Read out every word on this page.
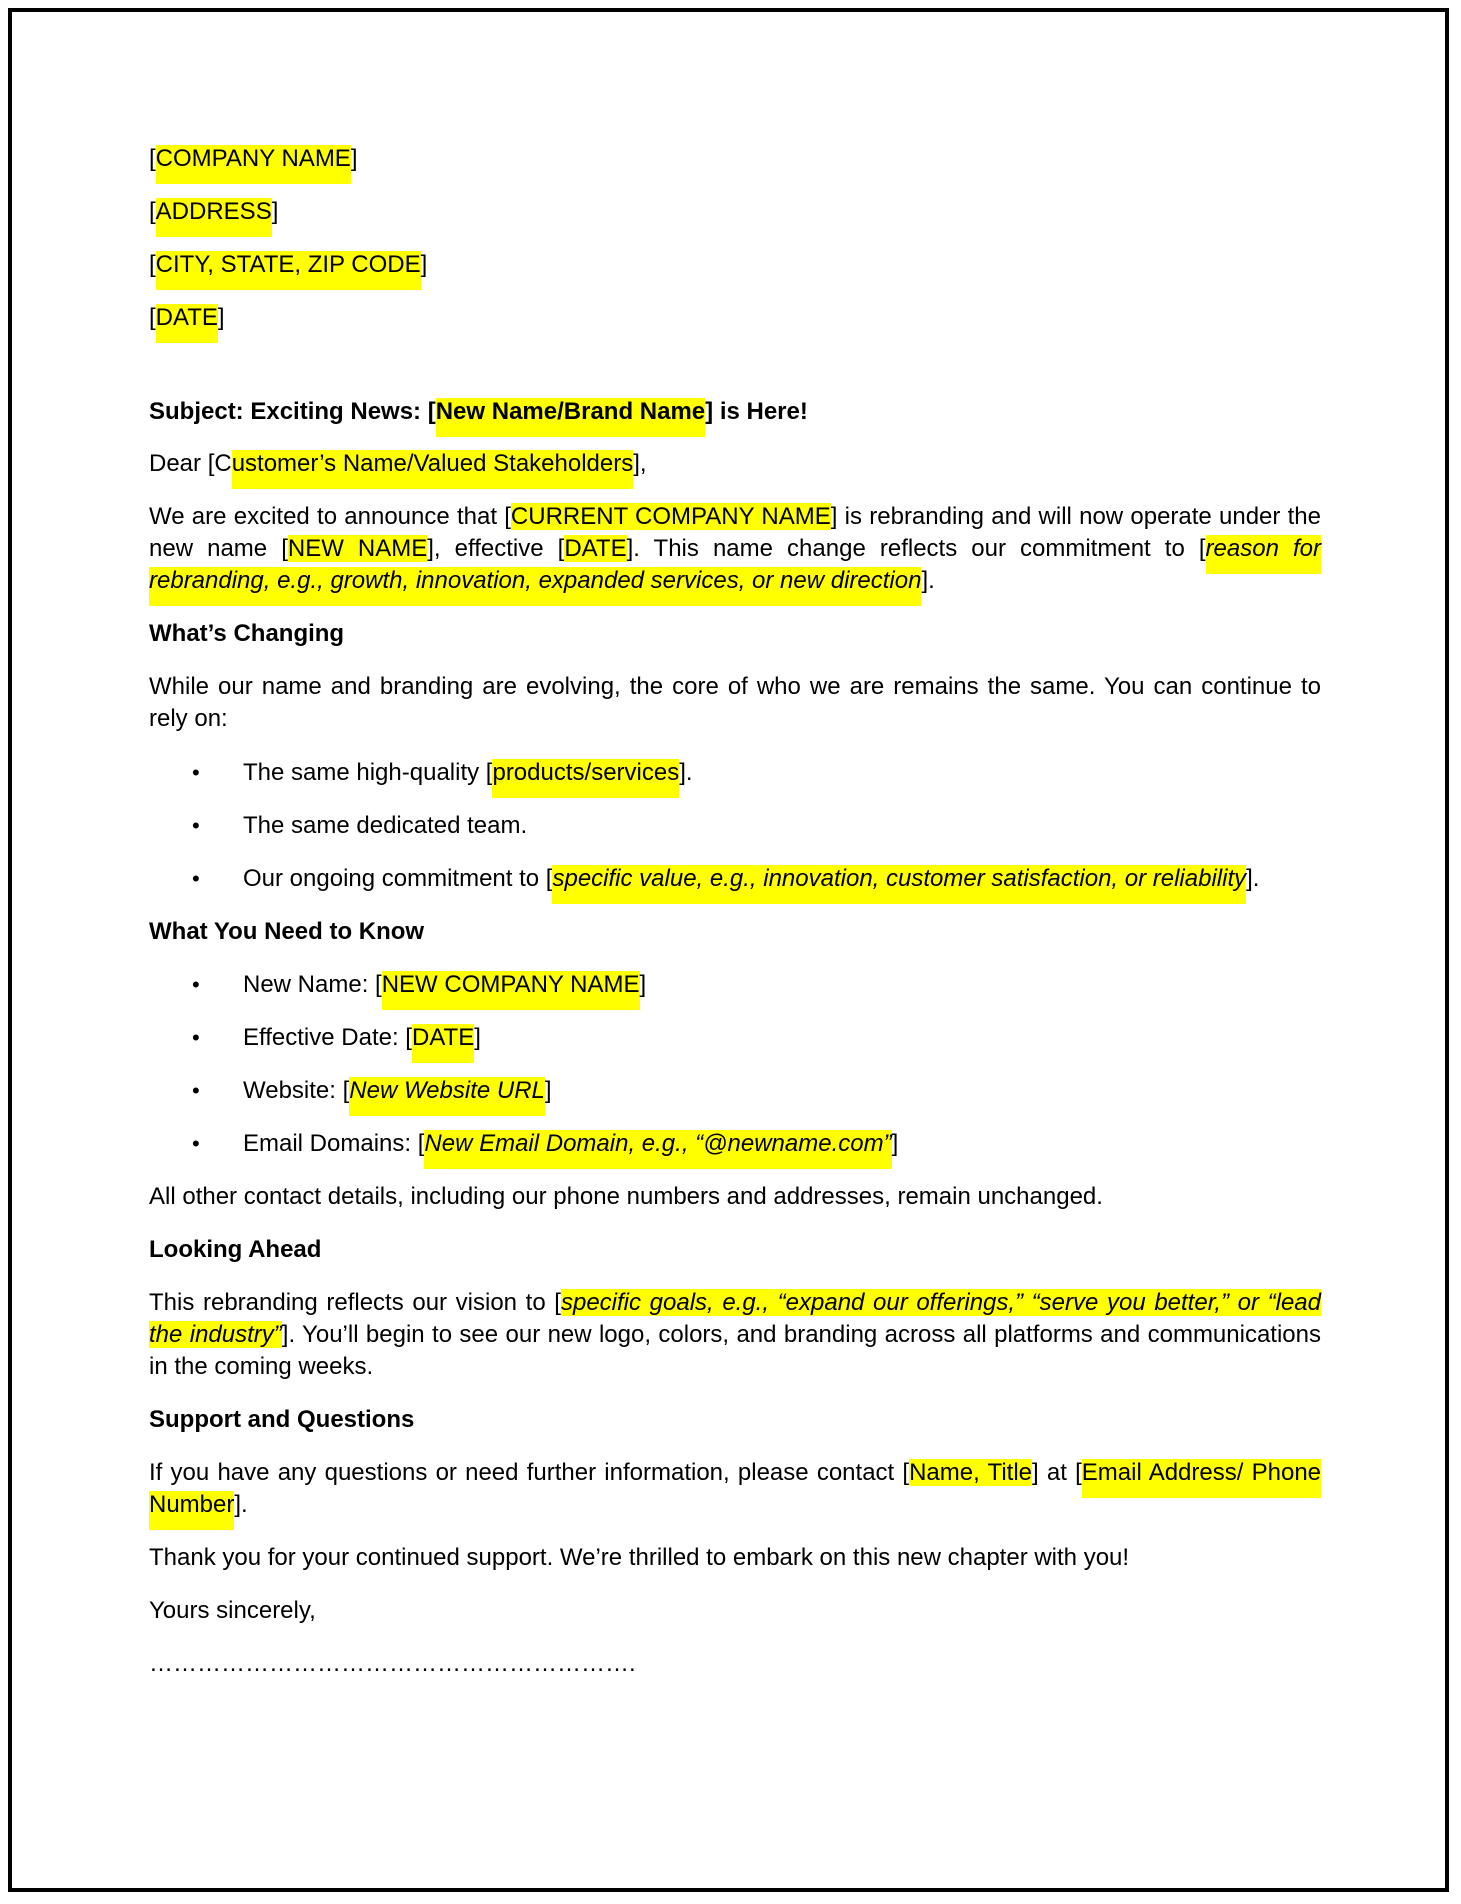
[COMPANY NAME]

[ADDRESS]

[CITY, STATE, ZIP CODE]

[DATE]

Subject: Exciting News: [New Name/Brand Name] is Here!

Dear [Customer’s Name/Valued Stakeholders],

We are excited to announce that [CURRENT COMPANY NAME] is rebranding and will now operate under the new name [NEW NAME], effective [DATE]. This name change reflects our commitment to [reason for rebranding, e.g., growth, innovation, expanded services, or new direction].

What’s Changing

While our name and branding are evolving, the core of who we are remains the same. You can continue to rely on:

• The same high-quality [products/services].
• The same dedicated team.
• Our ongoing commitment to [specific value, e.g., innovation, customer satisfaction, or reliability].

What You Need to Know

• New Name: [NEW COMPANY NAME]
• Effective Date: [DATE]
• Website: [New Website URL]
• Email Domains: [New Email Domain, e.g., “@newname.com”]

All other contact details, including our phone numbers and addresses, remain unchanged.

Looking Ahead

This rebranding reflects our vision to [specific goals, e.g., “expand our offerings,” “serve you better,” or “lead the industry”]. You’ll begin to see our new logo, colors, and branding across all platforms and communications in the coming weeks.

Support and Questions

If you have any questions or need further information, please contact [Name, Title] at [Email Address/ Phone Number].

Thank you for your continued support. We’re thrilled to embark on this new chapter with you!

Yours sincerely,

…………………………………………………….
